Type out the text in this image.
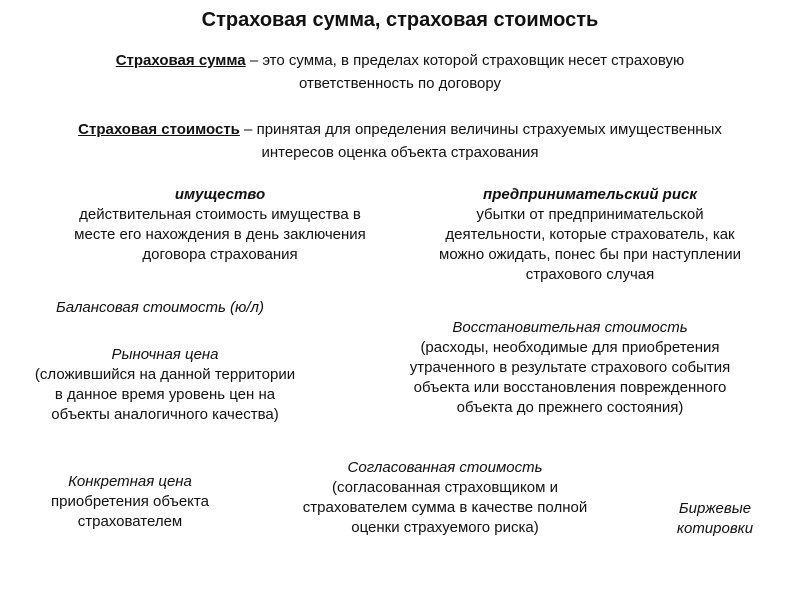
Страховая сумма, страховая стоимость
Страховая сумма – это сумма, в пределах которой страховщик несет страховую
ответственность по договору
Страховая стоимость – принятая для определения величины страхуемых имущественных
интересов оценка объекта страхования
имущество
действительная стоимость имущества в
месте его нахождения в день заключения
договора страхования
предпринимательский риск
убытки от предпринимательской
деятельности, которые страхователь, как
можно ожидать, понес бы при наступлении
страхового случая
Балансовая стоимость (ю/л)
Рыночная цена
(сложившийся на данной территории
в данное время уровень цен на
объекты аналогичного качества)
Восстановительная стоимость
(расходы, необходимые для приобретения
утраченного в результате страхового события
объекта или восстановления поврежденного
объекта до прежнего состояния)
Конкретная цена
приобретения объекта
страхователем
Согласованная стоимость
(согласованная страховщиком и
страхователем сумма в качестве полной
оценки страхуемого риска)
Биржевые
котировки
